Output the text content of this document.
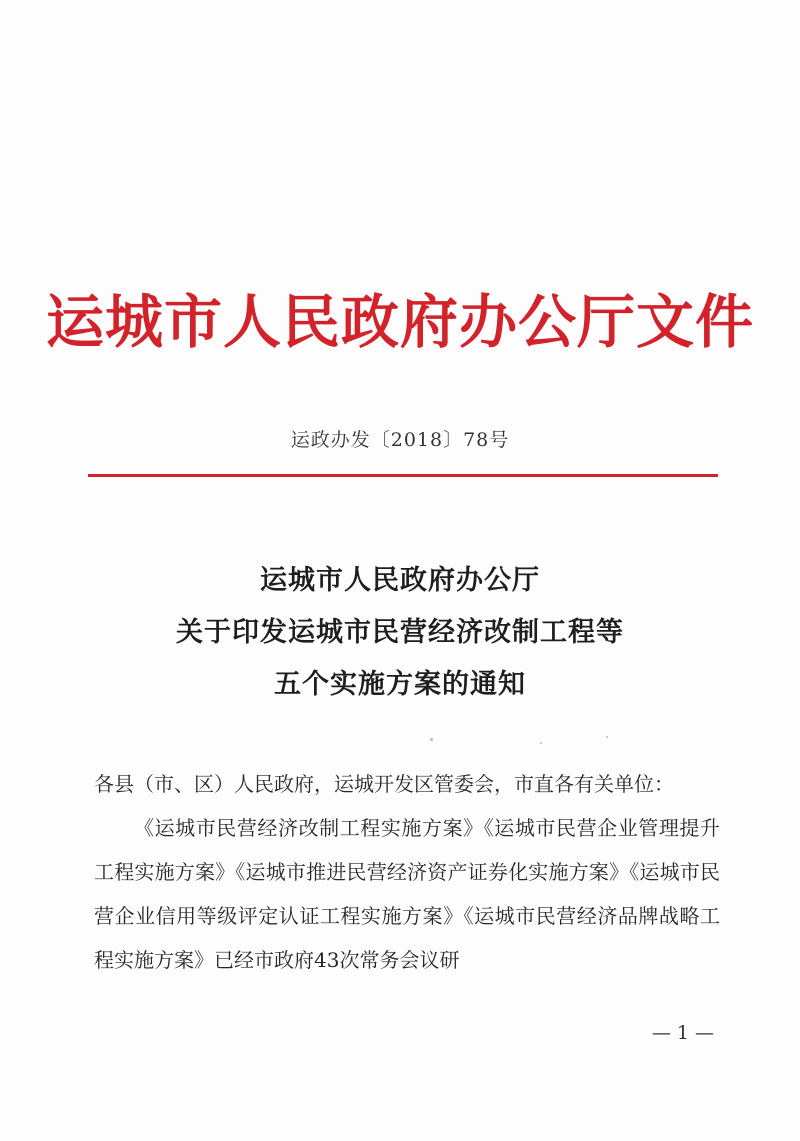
运城市人民政府办公厅文件
运政办发〔2018〕78号
运城市人民政府办公厅
关于印发运城市民营经济改制工程等
五个实施方案的通知
各县（市、区）人民政府，运城开发区管委会，市直各有关单位：
《运城市民营经济改制工程实施方案》《运城市民营企业管理提升工程实施方案》《运城市推进民营经济资产证券化实施方案》《运城市民营企业信用等级评定认证工程实施方案》《运城市民营经济品牌战略工程实施方案》已经市政府43次常务会议研
— 1 —
